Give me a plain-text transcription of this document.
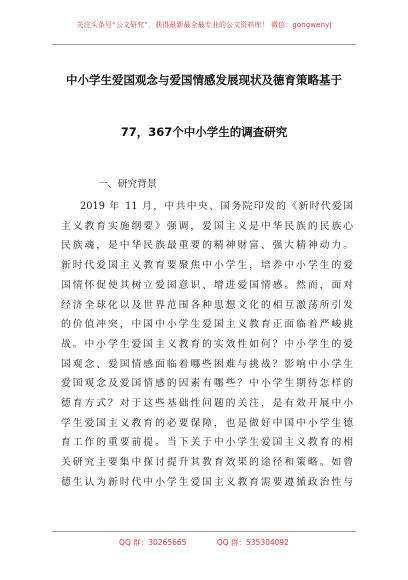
关注头条号“公文研究”，获得最新最全最专业的公文资料库！ 微信：gongwenyj
中小学生爱国观念与爱国情感发展现状及德育策略基于
77，367个中小学生的调查研究
一、研究背景
2019 年 11 月，中共中央、国务院印发的《新时代爱国
主义教育实施纲要》强调，爱国主义是中华民族的民族心
民族魂，是中华民族最重要的精神财富、强大精神动力。
新时代爱国主义教育要聚焦中小学生，培养中小学生的爱
国情怀促使其树立爱国意识、增进爱国情感。然而，面对
经济全球化以及世界范围各种思想文化的相互激荡所引发
的价值冲突，中国中小学生爱国主义教育正面临着严峻挑
战。中小学生爱国主义教育的实效性如何？中小学生的爱
国观念、爱国情感面临着哪些困难与挑战？影响中小学生
爱国观念及爱国情感的因素有哪些？中小学生期待怎样的
德育方式？对于这些基础性问题的关注，是有效开展中小
学生爱国主义教育的必要保障，也是做好中国中小学生德
育工作的重要前提。当下关于中小学生爱国主义教育的相
关研究主要集中探讨提升其教育效果的途径和策略。如曾
德生认为新时代中小学生爱国主义教育需要遵循政治性与
QQ 群：30265665	QQ 群：535304092
